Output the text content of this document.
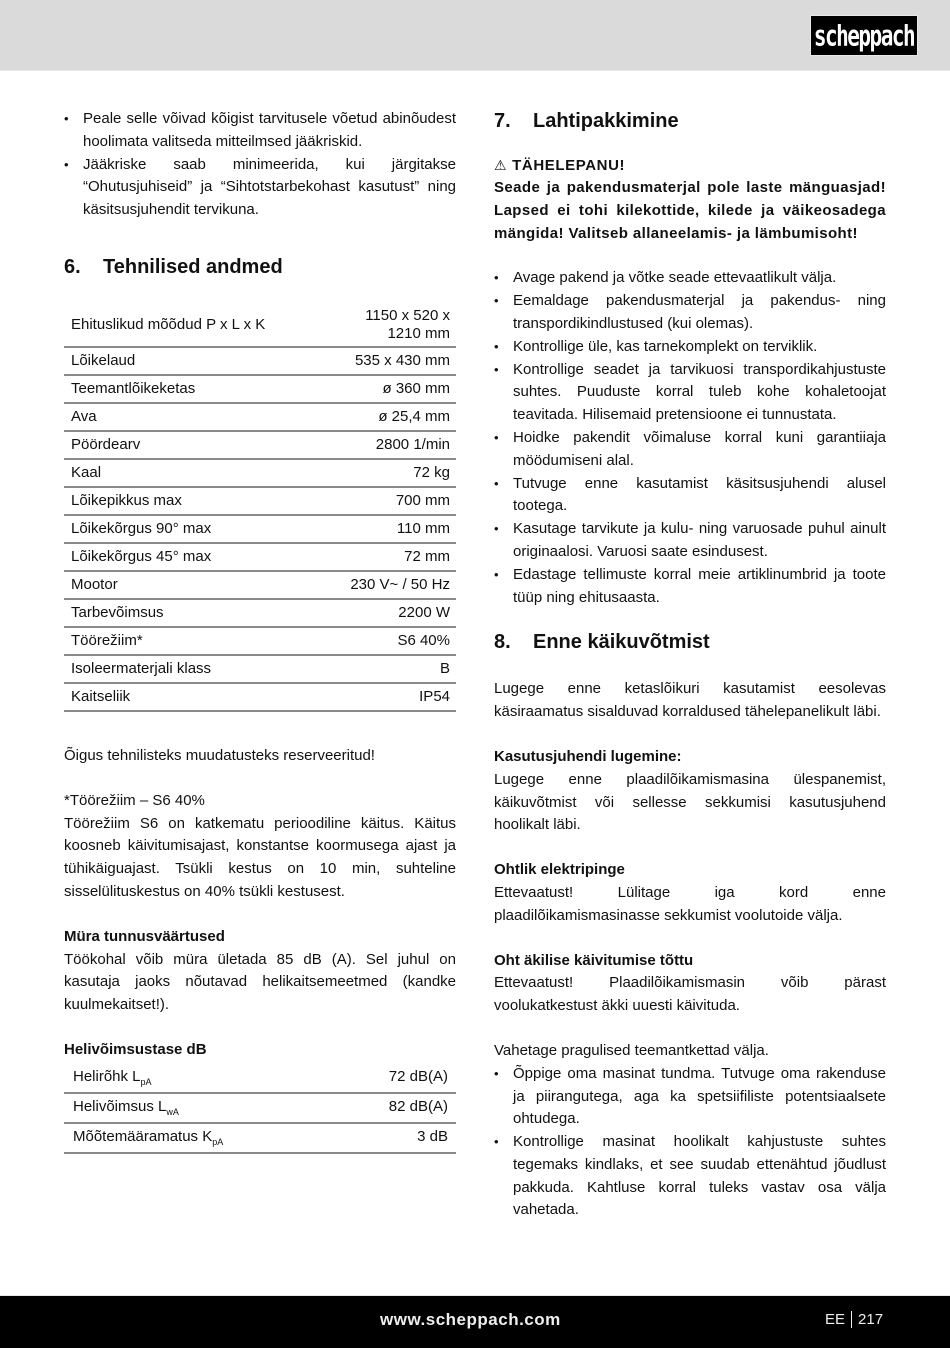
scheppach
• Peale selle võivad kõigist tarvitusele võetud abinõudest hoolimata valitseda mitteilmsed jääkriskid.
• Jääkriske saab minimeerida, kui järgitakse “Ohutusjuhiseid” ja “Sihtotstarbekohast kasutust” ning käsitsusjuhendit tervikuna.
6.	Tehnilised andmed
Ehituslikud mõõdud P x L x K	1150 x 520 x
1210 mm

Lõikelaud	535 x 430 mm
Teemantlõikeketas	ø 360 mm
Ava	ø 25,4 mm
Pöördearv	2800 1/min
Kaal	72 kg
Lõikepikkus max	700 mm
Lõikekõrgus 90° max	110 mm
Lõikekõrgus 45° max	72 mm
Mootor	230 V~ / 50 Hz
Tarbevõimsus	2200 W
Töörežiim*	S6 40%
Isoleermaterjali klass	B
Kaitseliik	IP54
Õigus tehnilisteks muudatusteks reserveeritud!
*Töörežiim – S6 40%
Töörežiim S6 on katkematu perioodiline käitus. Käitus koosneb käivitumisajast, konstantse koormusega ajast ja tühikäiguajast. Tsükli kestus on 10 min, suhteline sisselülituskestus on 40% tsükli kestusest.
Müra tunnusväärtused
Töökohal võib müra ületada 85 dB (A). Sel juhul on kasutaja jaoks nõutavad helikaitsemeetmed (kandke kuulmekaitset!).
Helivõimsustase dB
Helirõhk $L_{pA}$	72 dB(A)
Helivõimsus $L_{wA}$	82 dB(A)
Mõõtemääramatus $K_{pA}$	3 dB
7.	Lahtipakkimine
⚠ TÄHELEPANU!
Seade ja pakendusmaterjal pole laste mänguasjad! Lapsed ei tohi kilekottide, kilede ja väikeosadega mängida! Valitseb allaneelamis- ja lämbumisoht!
• Avage pakend ja võtke seade ettevaatlikult välja.
• Eemaldage pakendusmaterjal ja pakendus- ning transpordikindlustused (kui olemas).
• Kontrollige üle, kas tarnekomplekt on terviklik.
• Kontrollige seadet ja tarvikuosi transpordikahjustuste suhtes. Puuduste korral tuleb kohe kohaletoojat teavitada. Hilisemaid pretensioone ei tunnustata.
• Hoidke pakendit võimaluse korral kuni garantiiaja möödumiseni alal.
• Tutvuge enne kasutamist käsitsusjuhendi alusel tootega.
• Kasutage tarvikute ja kulu- ning varuosade puhul ainult originaalosi. Varuosi saate esindusest.
• Edastage tellimuste korral meie artiklinumbrid ja toote tüüp ning ehitusaasta.
8.	Enne käikuvõtmist
Lugege enne ketaslõikuri kasutamist eesolevas käsiraamatus sisalduvad korraldused tähelepanelikult läbi.
Kasutusjuhendi lugemine:
Lugege enne plaadilõikamismasina ülespanemist, käikuvõtmist või sellesse sekkumisi kasutusjuhend hoolikalt läbi.
Ohtlik elektripinge
Ettevaatust! Lülitage iga kord enne plaadilõikamismasinasse sekkumist voolutoide välja.
Oht äkilise käivitumise tõttu
Ettevaatust! Plaadilõikamismasin võib pärast voolukatkestust äkki uuesti käivituda.
Vahetage pragulised teemantkettad välja.
• Õppige oma masinat tundma. Tutvuge oma rakenduse ja piirangutega, aga ka spetsiifiliste potentsiaalsete ohtudega.
• Kontrollige masinat hoolikalt kahjustuste suhtes tegemaks kindlaks, et see suudab ettenähtud jõudlust pakkuda. Kahtluse korral tuleks vastav osa välja vahetada.
www.scheppach.com	EE 217
